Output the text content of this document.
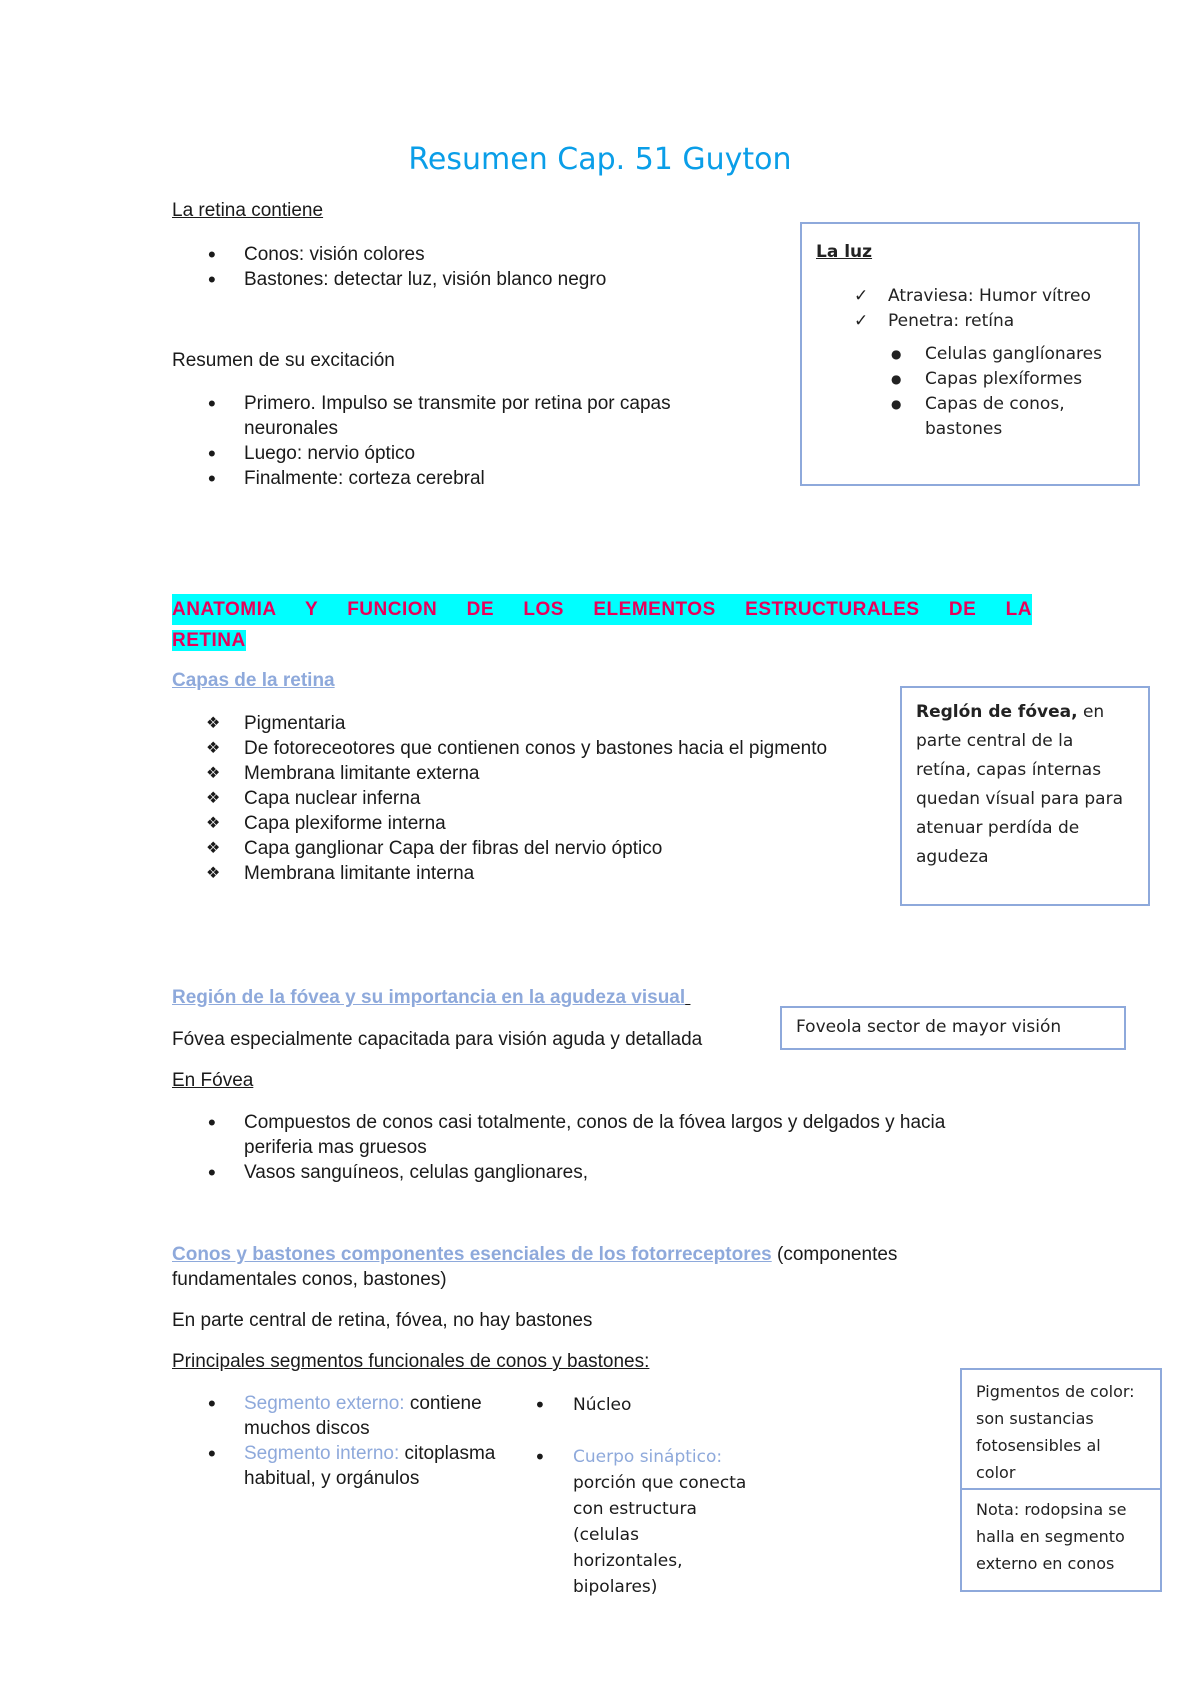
Resumen Cap. 51 Guyton
La retina contiene
• Conos: visión colores
• Bastones: detectar luz, visión blanco negro
Resumen de su excitación
• Primero. Impulso se transmite por retina por capas
neuronales
• Luego: nervio óptico
• Finalmente: corteza cerebral
La luz
✓ Atraviesa: Humor vítreo
✓ Penetra: retína
● Celulas ganglíonares
● Capas plexíformes
● Capas de conos,
bastones
ANATOMIA  Y  FUNCION  DE  LOS  ELEMENTOS  ESTRUCTURALES  DE  LA
RETINA
Capas de la retina
❖ Pigmentaria
❖ De fotoreceotores que contienen conos y bastones hacia el pigmento
❖ Membrana limitante externa
❖ Capa nuclear inferna
❖ Capa plexiforme interna
❖ Capa ganglionar Capa der fibras del nervio óptico
❖ Membrana limitante interna
Reglón de fóvea, en
parte central de la
retína, capas ínternas
quedan vísual para para
atenuar perdída de
agudeza
Región de la fóvea y su importancia en la agudeza visual
Fóvea especialmente capacitada para visión aguda y detallada
En Fóvea
• Compuestos de conos casi totalmente, conos de la fóvea largos y delgados y hacia
periferia mas gruesos
• Vasos sanguíneos, celulas ganglionares,
Foveola sector de mayor visión
Conos y bastones componentes esenciales de los fotorreceptores (componentes
fundamentales conos, bastones)
En parte central de retina, fóvea, no hay bastones
Principales segmentos funcionales de conos y bastones:
• Segmento externo: contiene
muchos discos
• Segmento interno: citoplasma
habitual, y orgánulos
• Núcleo
• Cuerpo sináptico:
porción que conecta
con estructura (celulas
horizontales, bipolares)
Pigmentos de color:
son sustancias
fotosensibles al
color
Nota: rodopsina se
halla en segmento
externo en conos
